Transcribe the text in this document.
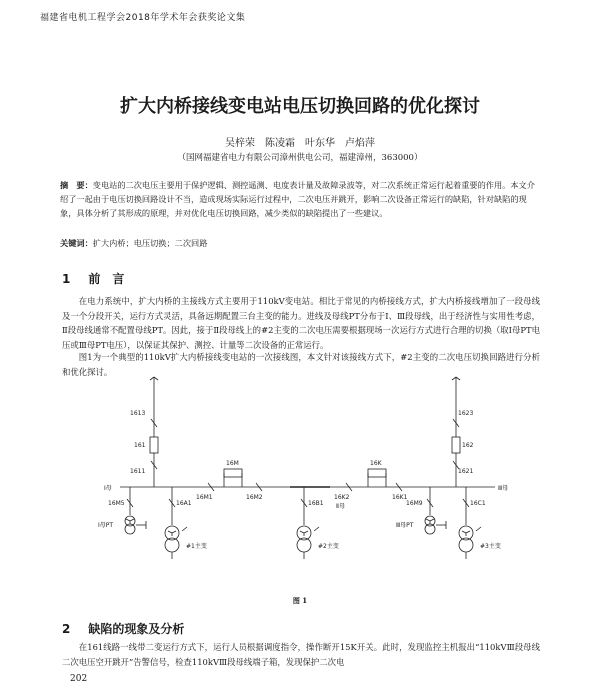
福建省电机工程学会2018年学术年会获奖论文集
扩大内桥接线变电站电压切换回路的优化探讨
吴梓荣　陈凌霜　叶东华　卢焰萍
（国网福建省电力有限公司漳州供电公司，福建漳州，363000）
摘　要：变电站的二次电压主要用于保护逻辑、测控遥测、电度表计量及故障录波等，对二次系统正常运行起着重要的作用。本文介绍了一起由于电压切换回路设计不当，造成现场实际运行过程中，二次电压并跳开，影响二次设备正常运行的缺陷，针对缺陷的现象，具体分析了其形成的原理，并对优化电压切换回路，减少类似的缺陷提出了一些建议。
关键词：扩大内桥；电压切换；二次回路
1 前　言
在电力系统中，扩大内桥的主接线方式主要用于110kV变电站。相比于常见的内桥接线方式，扩大内桥接线增加了一段母线及一个分段开关，运行方式灵活，具备远期配置三台主变的能力。进线及母线PT分布于Ⅰ、Ⅲ段母线，出于经济性与实用性考虑，Ⅱ段母线通常不配置母线PT。因此，接于Ⅱ段母线上的#2主变的二次电压需要根据现场一次运行方式进行合理的切换（取Ⅰ母PT电压或Ⅲ母PT电压），以保证其保护、测控、计量等二次设备的正常运行。
图1为一个典型的110kV扩大内桥接线变电站的一次接线图，本文针对该接线方式下，#2主变的二次电压切换回路进行分析和优化探讨。
1613
161
1611
1623
162
1621
16M
16M1	16M2
16K
16K2	16K1
Ⅰ母
Ⅱ母
Ⅲ母
16M5	16A1	16B1	16M9	16C1
Ⅰ母PT	Ⅲ母PT
#1主变	#2主变	#3主变
图 1
2 缺陷的现象及分析
在161线路一线带二变运行方式下，运行人员根据调度指令，操作断开15K开关。此时，发现监控主机报出“110kVⅢ段母线二次电压空开跳开”告警信号，检查110kVⅢ段母线端子箱，发现保护二次电
202
